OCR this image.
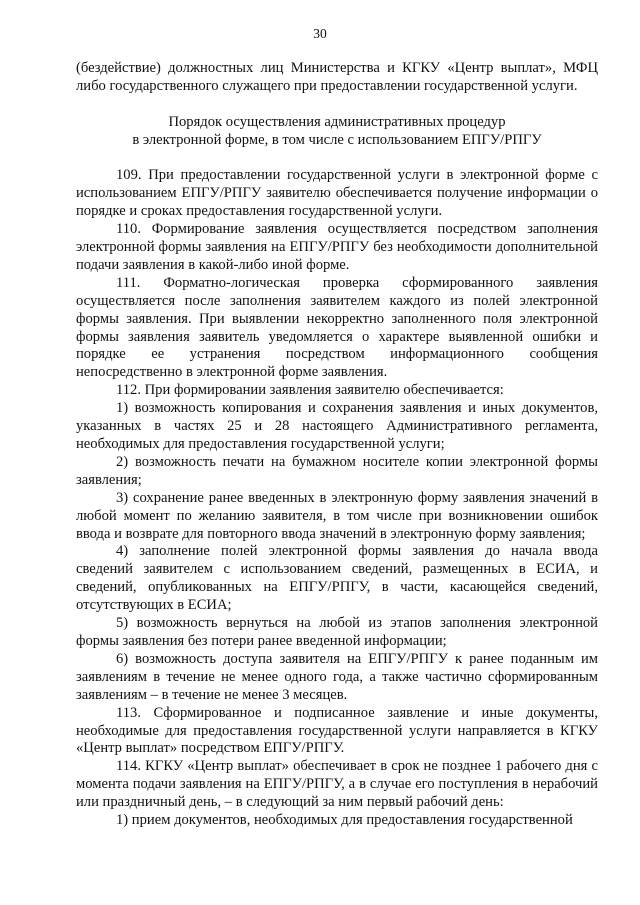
30

(бездействие) должностных лиц Министерства и КГКУ «Центр выплат», МФЦ либо государственного служащего при предоставлении государственной услуги.

Порядок осуществления административных процедур

в электронной форме, в том числе с использованием ЕПГУ/РПГУ

109. При предоставлении государственной услуги в электронной форме с использованием ЕПГУ/РПГУ заявителю обеспечивается получение информации о порядке и сроках предоставления государственной услуги.

110. Формирование заявления осуществляется посредством заполнения электронной формы заявления на ЕПГУ/РПГУ без необходимости дополнительной подачи заявления в какой-либо иной форме.

111. Форматно-логическая проверка сформированного заявления осуществляется после заполнения заявителем каждого из полей электронной формы заявления. При выявлении некорректно заполненного поля электронной формы заявления заявитель уведомляется о характере выявленной ошибки и порядке ее устранения посредством информационного сообщения непосредственно в электронной форме заявления.

112. При формировании заявления заявителю обеспечивается:

1) возможность копирования и сохранения заявления и иных документов, указанных в частях 25 и 28 настоящего Административного регламента, необходимых для предоставления государственной услуги;

2) возможность печати на бумажном носителе копии электронной формы заявления;

3) сохранение ранее введенных в электронную форму заявления значений в любой момент по желанию заявителя, в том числе при возникновении ошибок ввода и возврате для повторного ввода значений в электронную форму заявления;

4) заполнение полей электронной формы заявления до начала ввода сведений заявителем с использованием сведений, размещенных в ЕСИА, и сведений, опубликованных на ЕПГУ/РПГУ, в части, касающейся сведений, отсутствующих в ЕСИА;

5) возможность вернуться на любой из этапов заполнения электронной формы заявления без потери ранее введенной информации;

6) возможность доступа заявителя на ЕПГУ/РПГУ к ранее поданным им заявлениям в течение не менее одного года, а также частично сформированным заявлениям – в течение не менее 3 месяцев.

113. Сформированное и подписанное заявление и иные документы, необходимые для предоставления государственной услуги направляется в КГКУ «Центр выплат» посредством ЕПГУ/РПГУ.

114. КГКУ «Центр выплат» обеспечивает в срок не позднее 1 рабочего дня с момента подачи заявления на ЕПГУ/РПГУ, а в случае его поступления в нерабочий или праздничный день, – в следующий за ним первый рабочий день:

1) прием документов, необходимых для предоставления государственной
